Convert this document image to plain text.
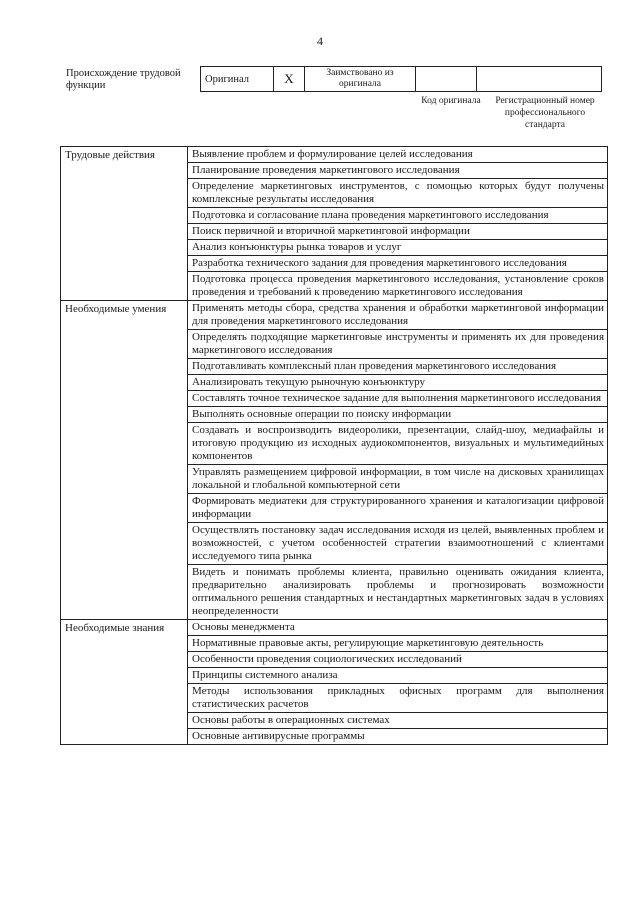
4
Происхождение трудовой функции
Оригинал	X	Заимствовано из оригинала		
Код оригинала	Регистрационный номер профессионального стандарта
Трудовые действия	Выявление проблем и формулирование целей исследования
	Планирование проведения маркетингового исследования
	Определение маркетинговых инструментов, с помощью которых будут получены комплексные результаты исследования
	Подготовка и согласование плана проведения маркетингового исследования
	Поиск первичной и вторичной маркетинговой информации
	Анализ конъюнктуры рынка товаров и услуг
	Разработка технического задания для проведения маркетингового исследования
	Подготовка процесса проведения маркетингового исследования, установление сроков проведения и требований к проведению маркетингового исследования
Необходимые умения	Применять методы сбора, средства хранения и обработки маркетинговой информации для проведения маркетингового исследования
	Определять подходящие маркетинговые инструменты и применять их для проведения маркетингового исследования
	Подготавливать комплексный план проведения маркетингового исследования
	Анализировать текущую рыночную конъюнктуру
	Составлять точное техническое задание для выполнения маркетингового исследования
	Выполнять основные операции по поиску информации
	Создавать и воспроизводить видеоролики, презентации, слайд-шоу, медиафайлы и итоговую продукцию из исходных аудиокомпонентов, визуальных и мультимедийных компонентов
	Управлять размещением цифровой информации, в том числе на дисковых хранилищах локальной и глобальной компьютерной сети
	Формировать медиатеки для структурированного хранения и каталогизации цифровой информации
	Осуществлять постановку задач исследования исходя из целей, выявленных проблем и возможностей, с учетом особенностей стратегии взаимоотношений с клиентами исследуемого типа рынка
	Видеть и понимать проблемы клиента, правильно оценивать ожидания клиента, предварительно анализировать проблемы и прогнозировать возможности оптимального решения стандартных и нестандартных маркетинговых задач в условиях неопределенности
Необходимые знания	Основы менеджмента
	Нормативные правовые акты, регулирующие маркетинговую деятельность
	Особенности проведения социологических исследований
	Принципы системного анализа
	Методы использования прикладных офисных программ для выполнения статистических расчетов
	Основы работы в операционных системах
	Основные антивирусные программы
